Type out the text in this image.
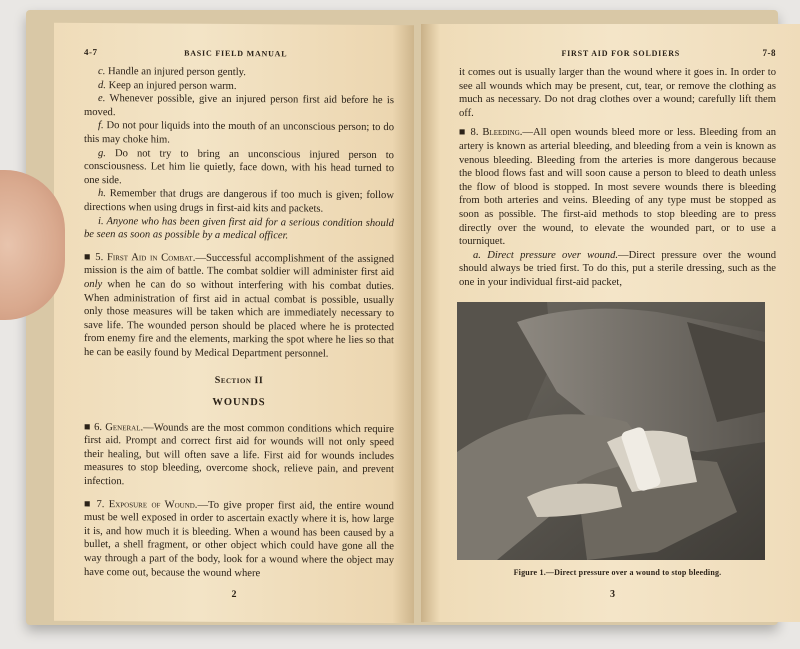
4-7	BASIC FIELD MANUAL

c. Handle an injured person gently.

d. Keep an injured person warm.

e. Whenever possible, give an injured person first aid before he is moved.

f. Do not pour liquids into the mouth of an unconscious person; to do this may choke him.

g. Do not try to bring an unconscious injured person to consciousness. Let him lie quietly, face down, with his head turned to one side.

h. Remember that drugs are dangerous if too much is given; follow directions when using drugs in first-aid kits and packets.

i. Anyone who has been given first aid for a serious condition should be seen as soon as possible by a medical officer.

■ 5. First Aid in Combat.—Successful accomplishment of the assigned mission is the aim of battle. The combat soldier will administer first aid only when he can do so without interfering with his combat duties. When administration of first aid in actual combat is possible, usually only those measures will be taken which are immediately necessary to save life. The wounded person should be placed where he is protected from enemy fire and the elements, marking the spot where he lies so that he can be easily found by Medical Department personnel.

Section II
WOUNDS

■ 6. General.—Wounds are the most common conditions which require first aid. Prompt and correct first aid for wounds will not only speed their healing, but will often save a life. First aid for wounds includes measures to stop bleeding, overcome shock, relieve pain, and prevent infection.

■ 7. Exposure of Wound.—To give proper first aid, the entire wound must be well exposed in order to ascertain exactly where it is, how large it is, and how much it is bleeding. When a wound has been caused by a bullet, a shell fragment, or other object which could have gone all the way through a part of the body, look for a wound where the object may have come out, because the wound where

2
FIRST AID FOR SOLDIERS	7-8

it comes out is usually larger than the wound where it goes in. In order to see all wounds which may be present, cut, tear, or remove the clothing as much as necessary. Do not drag clothes over a wound; carefully lift them off.

■ 8. Bleeding.—All open wounds bleed more or less. Bleeding from an artery is known as arterial bleeding, and bleeding from a vein is known as venous bleeding. Bleeding from the arteries is more dangerous because the blood flows fast and will soon cause a person to bleed to death unless the flow of blood is stopped. In most severe wounds there is bleeding from both arteries and veins. Bleeding of any type must be stopped as soon as possible. The first-aid methods to stop bleeding are to press directly over the wound, to elevate the wounded part, or to use a tourniquet.

a. Direct pressure over wound.—Direct pressure over the wound should always be tried first. To do this, put a sterile dressing, such as the one in your individual first-aid packet,

Figure 1.—Direct pressure over a wound to stop bleeding.
3
